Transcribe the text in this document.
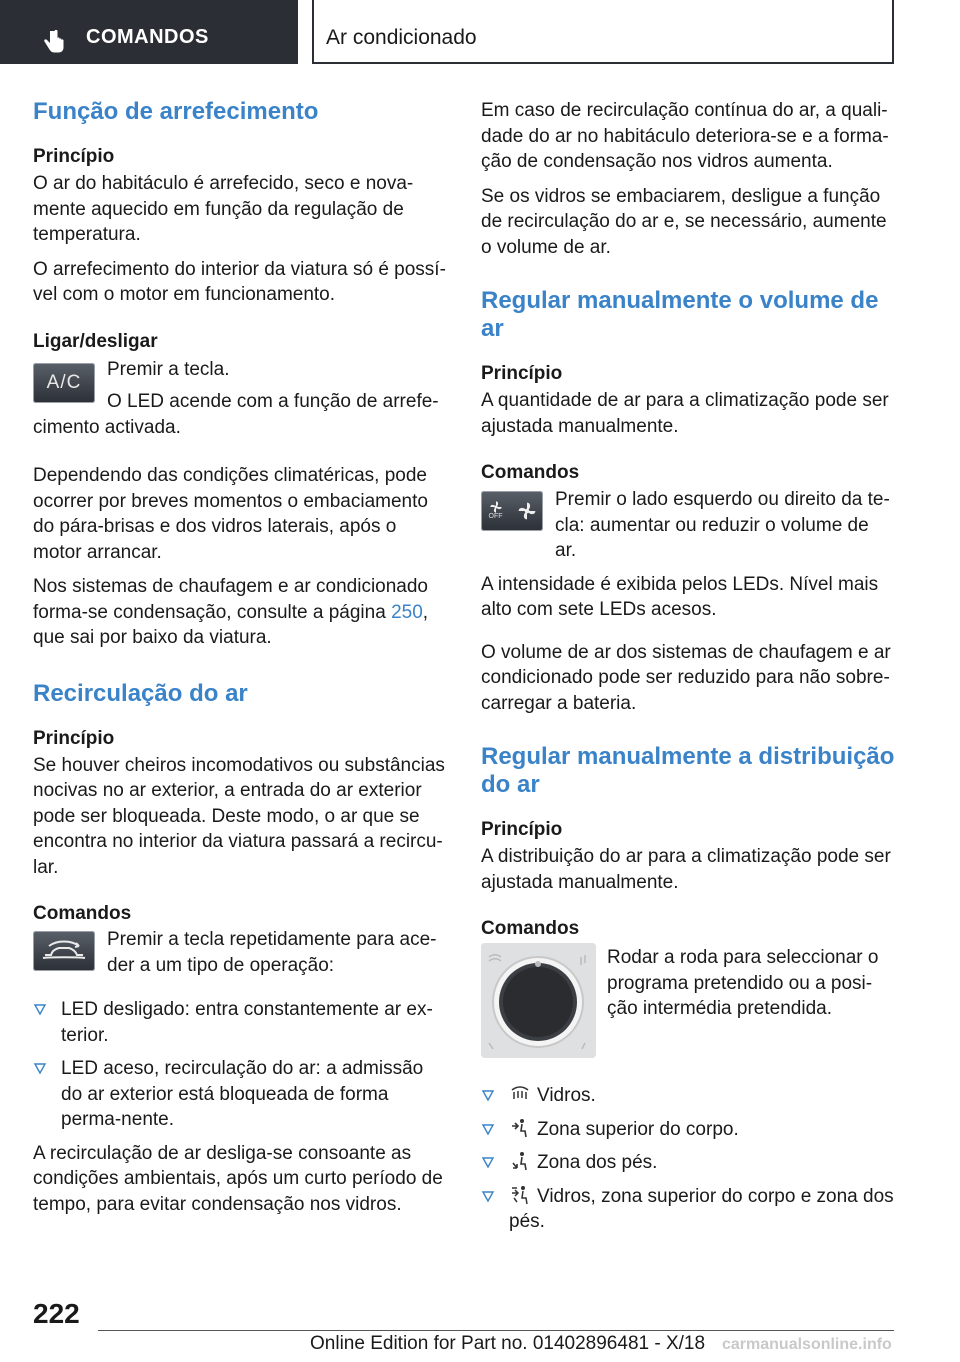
COMANDOS	Ar condicionado
Função de arrefecimento
Princípio

O ar do habitáculo é arrefecido, seco e nova-mente aquecido em função da regulação de temperatura.

O arrefecimento do interior da viatura só é possí-vel com o motor em funcionamento.

Ligar/desligar
A/C

Premir a tecla.

O LED acende com a função de arrefe-

cimento activada.

Dependendo das condições climatéricas, pode ocorrer por breves momentos o embaciamento do pára-brisas e dos vidros laterais, após o motor arrancar.

Nos sistemas de chaufagem e ar condicionado forma-se condensação, consulte a página 250, que sai por baixo da viatura.

Recirculação do ar
Princípio

Se houver cheiros incomodativos ou substâncias nocivas no ar exterior, a entrada do ar exterior pode ser bloqueada. Deste modo, o ar que se encontra no interior da viatura passará a recircu-lar.

Comandos

Premir a tecla repetidamente para ace-der a um tipo de operação:

LED desligado: entra constantemente ar ex-terior.
LED aceso, recirculação do ar: a admissão do ar exterior está bloqueada de forma perma-nente.

A recirculação de ar desliga-se consoante as condições ambientais, após um curto período de tempo, para evitar condensação nos vidros.

Em caso de recirculação contínua do ar, a quali-dade do ar no habitáculo deteriora-se e a forma-ção de condensação nos vidros aumenta.

Se os vidros se embaciarem, desligue a função de recirculação do ar e, se necessário, aumente o volume de ar.

Regular manualmente o volume de ar
Princípio

A quantidade de ar para a climatização pode ser ajustada manualmente.

Comandos
OFF

Premir o lado esquerdo ou direito da te-cla: aumentar ou reduzir o volume de ar.

A intensidade é exibida pelos LEDs. Nível mais alto com sete LEDs acesos.

O volume de ar dos sistemas de chaufagem e ar condicionado pode ser reduzido para não sobre-carregar a bateria.

Regular manualmente a distribuição do ar
Princípio

A distribuição do ar para a climatização pode ser ajustada manualmente.

Comandos

Rodar a roda para seleccionar o programa pretendido ou a posi-ção intermédia pretendida.

Vidros.
Zona superior do corpo.
Zona dos pés.
Vidros, zona superior do corpo e zona dos pés.
222
Online Edition for Part no. 01402896481 - X/18 carmanualsonline.info
